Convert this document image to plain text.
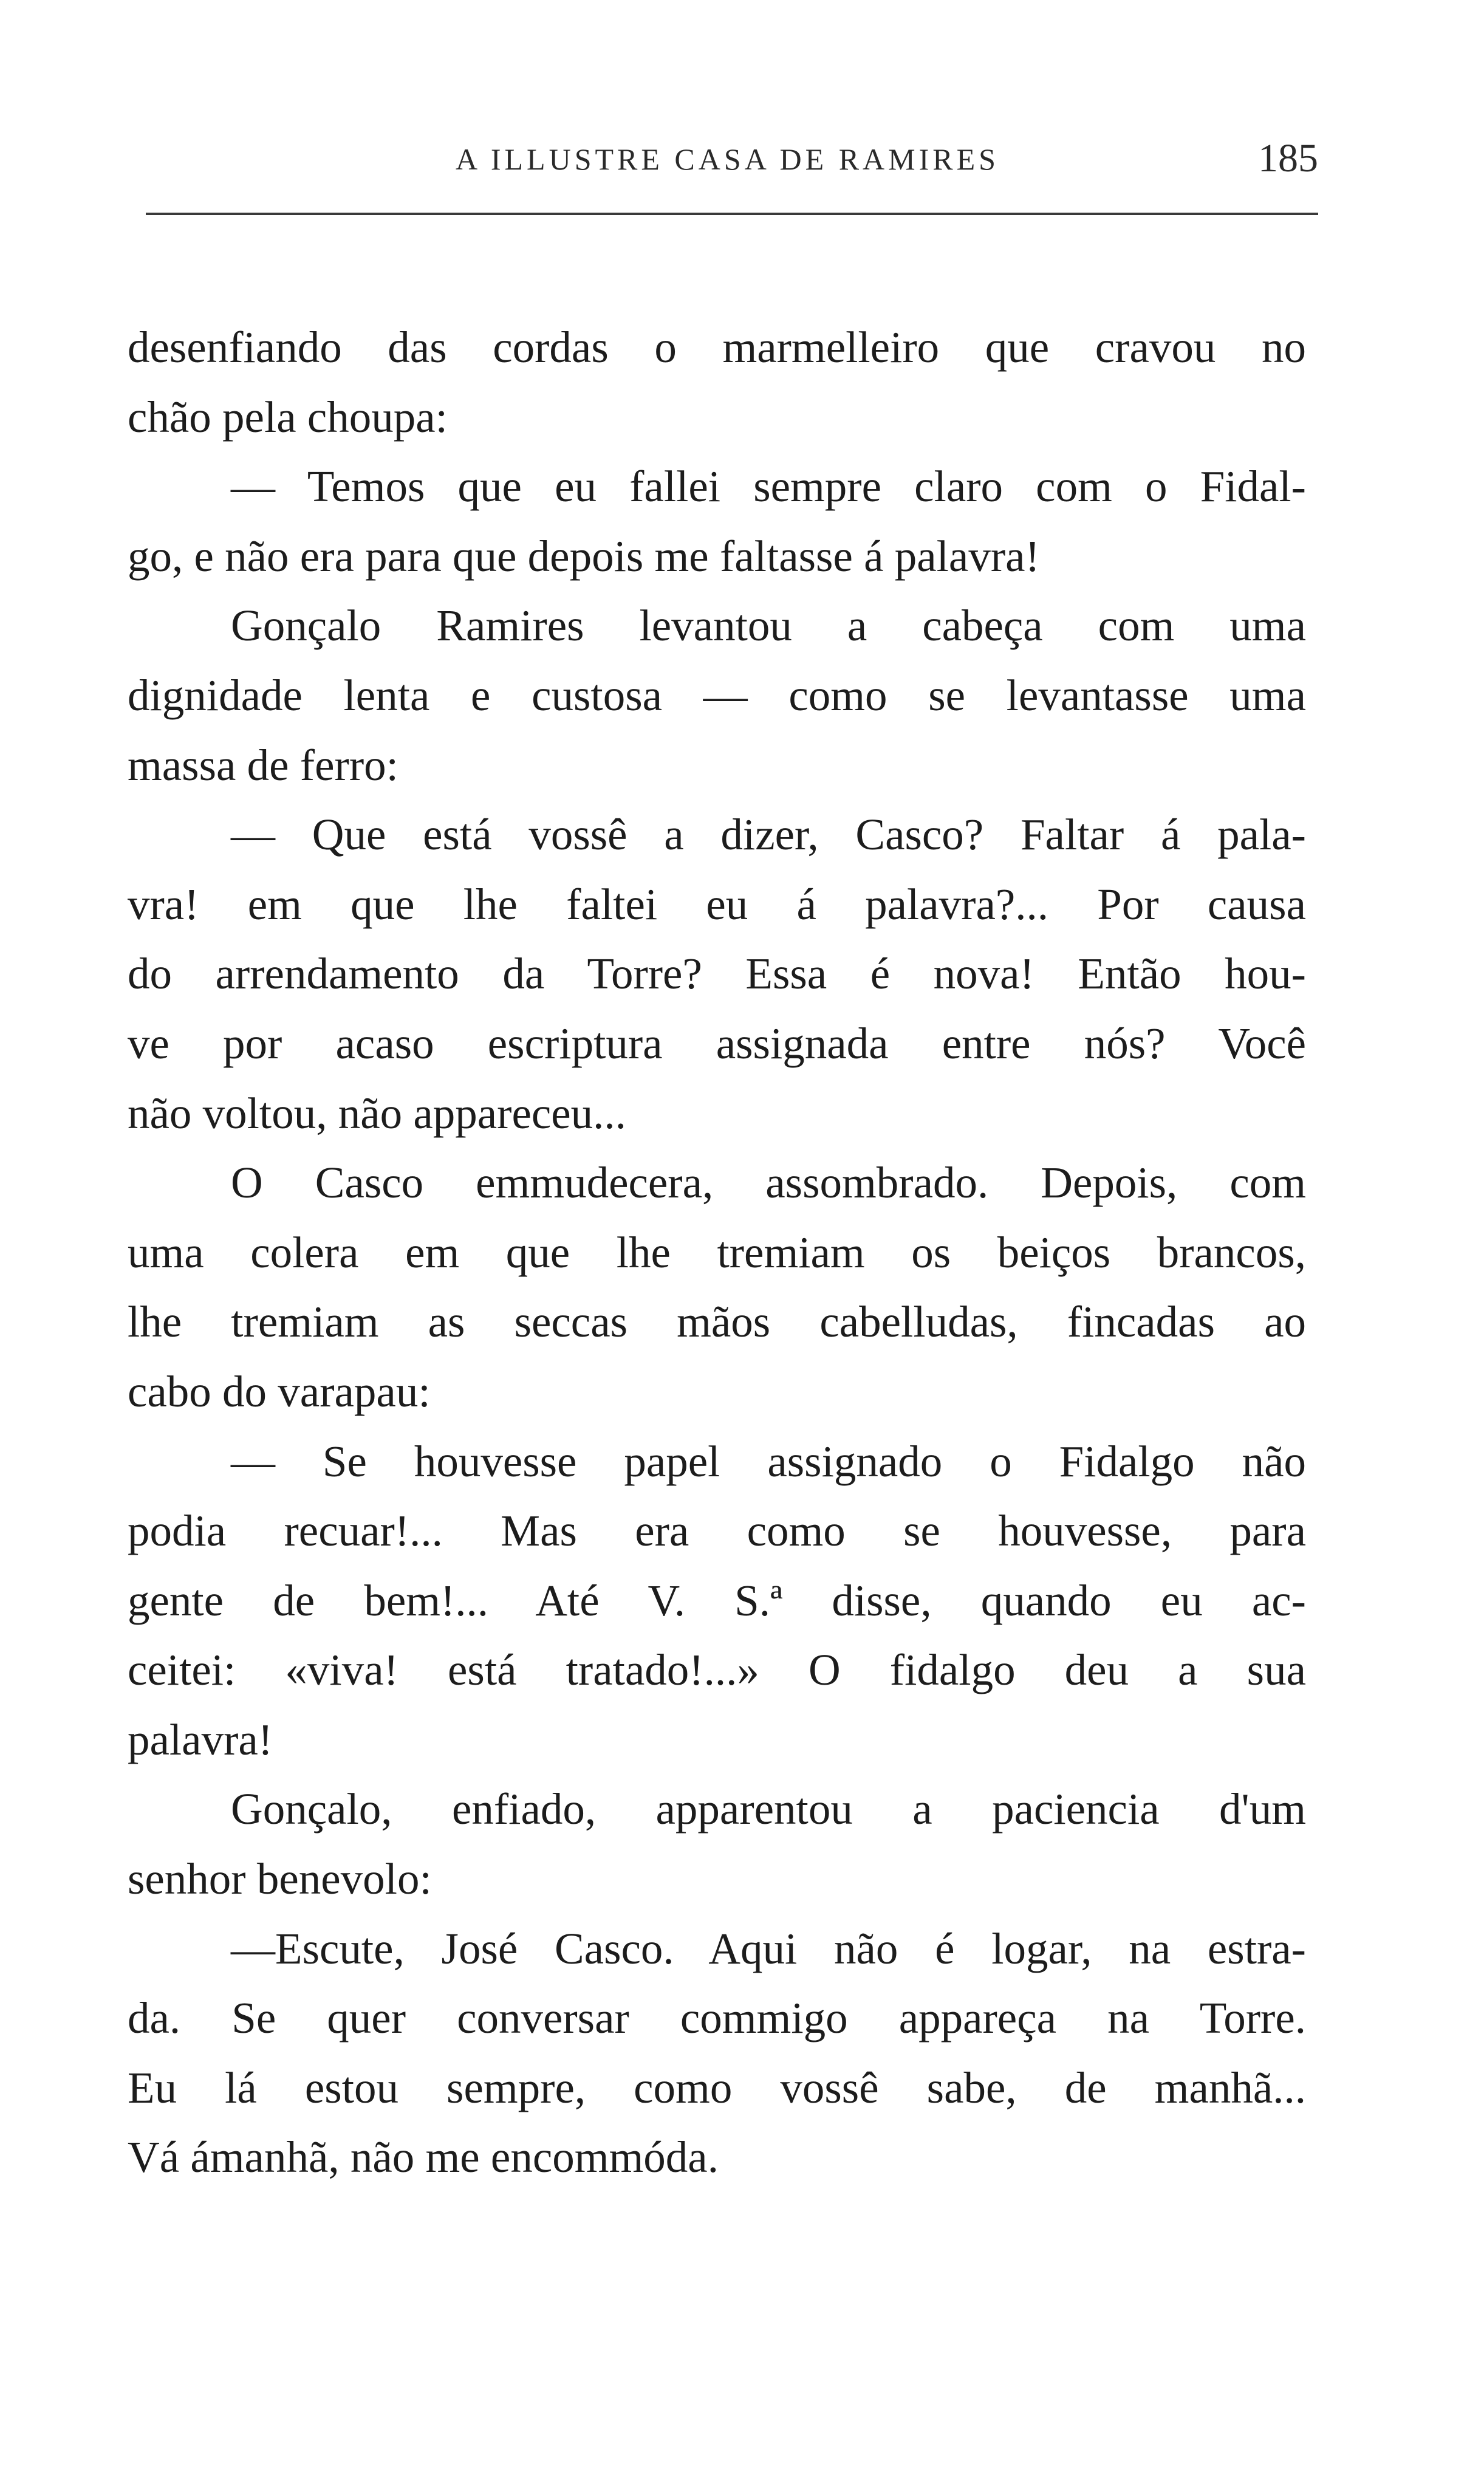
A ILLUSTRE CASA DE RAMIRES	185
desenfiando das cordas o marmelleiro que cravou no
chão pela choupa:
— Temos que eu fallei sempre claro com o Fidal-
go, e não era para que depois me faltasse á palavra!
Gonçalo Ramires levantou a cabeça com uma
dignidade lenta e custosa — como se levantasse uma
massa de ferro:
— Que está vossê a dizer, Casco? Faltar á pala-
vra! em que lhe faltei eu á palavra?... Por causa
do arrendamento da Torre? Essa é nova! Então hou-
ve por acaso escriptura assignada entre nós? Você
não voltou, não appareceu...
O Casco emmudecera, assombrado. Depois, com
uma colera em que lhe tremiam os beiços brancos,
lhe tremiam as seccas mãos cabelludas, fincadas ao
cabo do varapau:
— Se houvesse papel assignado o Fidalgo não
podia recuar!... Mas era como se houvesse, para
gente de bem!... Até V. S.ª disse, quando eu ac-
ceitei: «viva! está tratado!...» O fidalgo deu a sua
palavra!
Gonçalo, enfiado, apparentou a paciencia d'um
senhor benevolo:
—Escute, José Casco. Aqui não é logar, na estra-
da. Se quer conversar commigo appareça na Torre.
Eu lá estou sempre, como vossê sabe, de manhã...
Vá ámanhã, não me encommóda.
